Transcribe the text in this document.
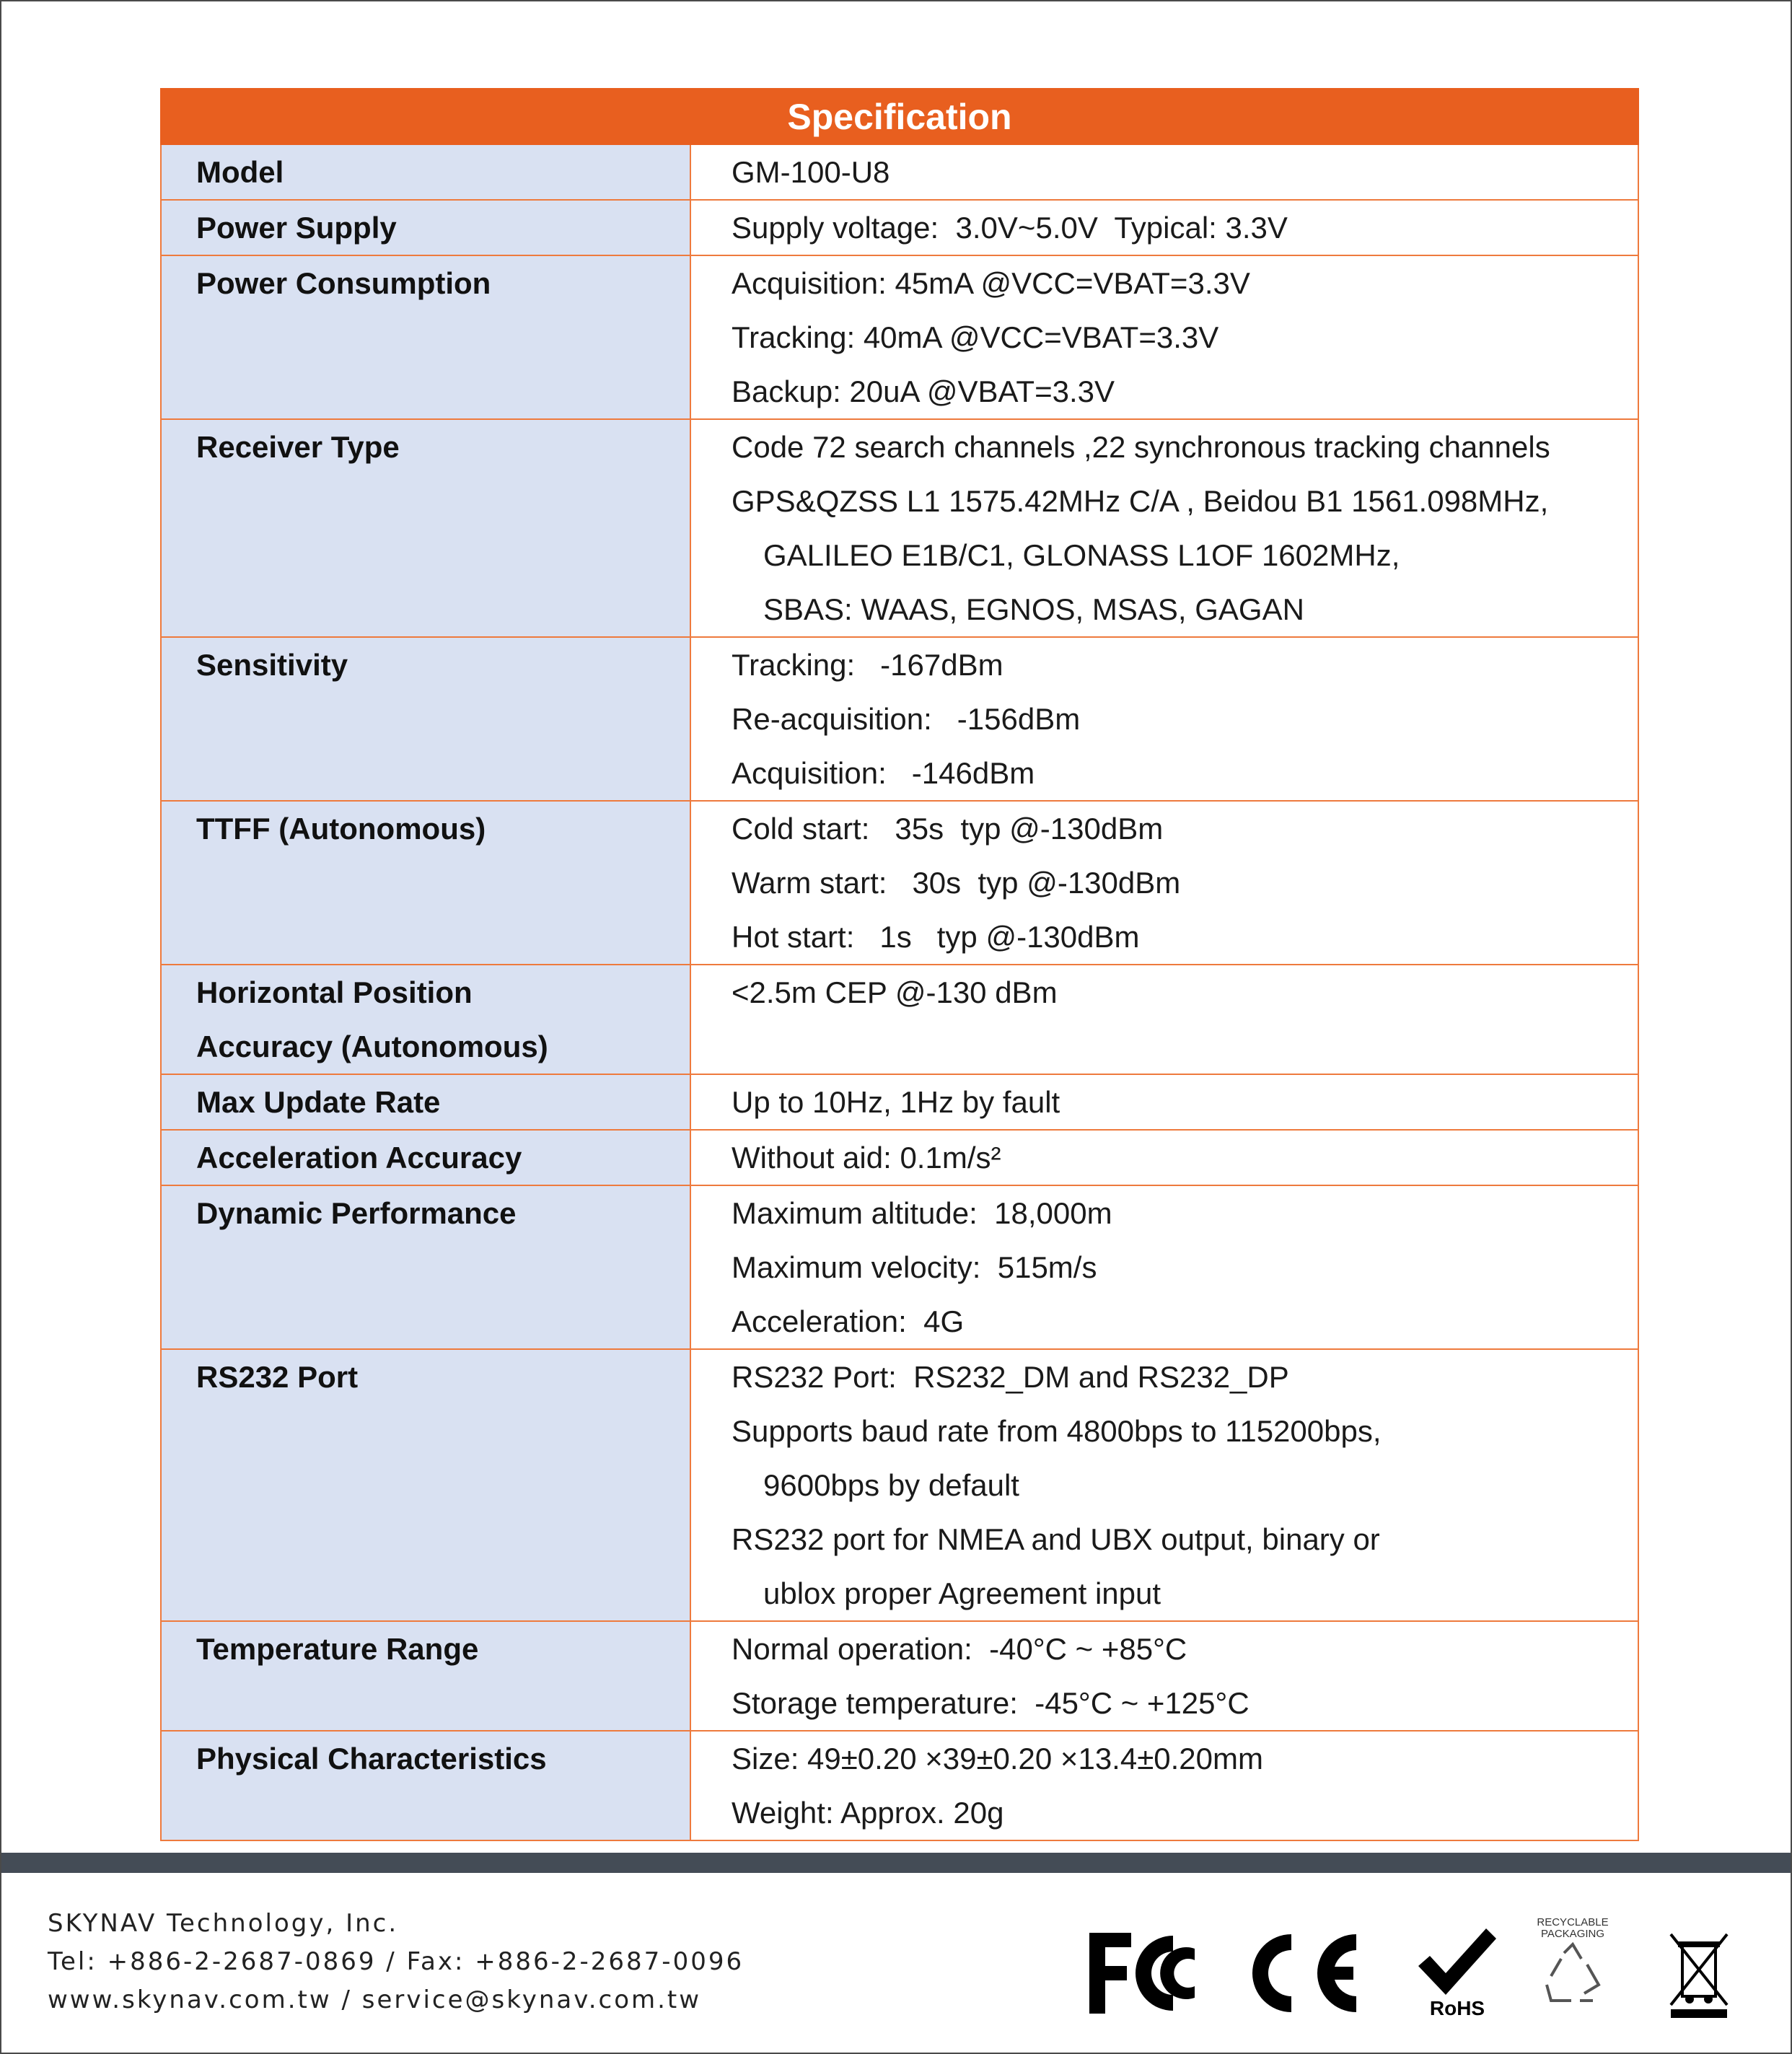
Specification	

Model	GM-100-U8

Power Supply	Supply voltage:  3.0V~5.0V  Typical: 3.3V

Power Consumption	Acquisition: 45mA @VCC=VBAT=3.3V
Tracking: 40mA @VCC=VBAT=3.3V
Backup: 20uA @VBAT=3.3V

Receiver Type	Code 72 search channels ,22 synchronous tracking channels
GPS&QZSS L1 1575.42MHz C/A , Beidou B1 1561.098MHz,
GALILEO E1B/C1, GLONASS L1OF 1602MHz,
SBAS: WAAS, EGNOS, MSAS, GAGAN

Sensitivity	Tracking:   -167dBm
Re-acquisition:   -156dBm
Acquisition:   -146dBm

TTFF (Autonomous)	Cold start:   35s  typ @-130dBm
Warm start:   30s  typ @-130dBm
Hot start:   1s   typ @-130dBm

Horizontal Position
Accuracy (Autonomous)	<2.5m CEP @-130 dBm

Max Update Rate	Up to 10Hz, 1Hz by fault

Acceleration Accuracy	Without aid: 0.1m/s²

Dynamic Performance	Maximum altitude:  18,000m
Maximum velocity:  515m/s
Acceleration:  4G

RS232 Port	RS232 Port:  RS232_DM and RS232_DP
Supports baud rate from 4800bps to 115200bps,
9600bps by default
RS232 port for NMEA and UBX output, binary or
ublox proper Agreement input

Temperature Range	Normal operation:  -40°C ~ +85°C
Storage temperature:  -45°C ~ +125°C

Physical Characteristics	Size: 49±0.20 ×39±0.20 ×13.4±0.20mm
Weight: Approx. 20g
SKYNAV Technology, Inc.
Tel: +886-2-2687-0869 / Fax: +886-2-2687-0096
www.skynav.com.tw / service@skynav.com.tw	RoHS
RECYCLABLE
PACKAGING
